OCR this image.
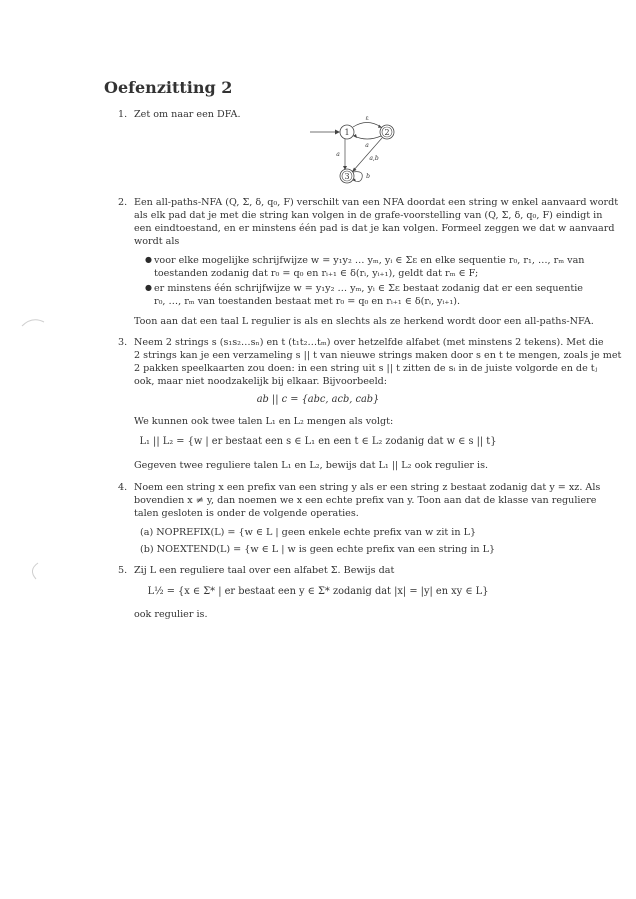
Oefenzitting 2
1. Zet om naar een DFA.
1	2
3
ε
a
a
a,b
b
2. Een all-paths-NFA (Q, Σ, δ, q₀, F) verschilt van een NFA doordat een string w enkel aanvaard wordt
als elk pad dat je met die string kan volgen in de grafe-voorstelling van (Q, Σ, δ, q₀, F) eindigt in
een eindtoestand, en er minstens één pad is dat je kan volgen. Formeel zeggen we dat w aanvaard
wordt als
● voor elke mogelijke schrijfwijze w = y₁y₂ … yₘ, yᵢ ∈ Σε en elke sequentie r₀, r₁, …, rₘ van
toestanden zodanig dat r₀ = q₀ en rᵢ₊₁ ∈ δ(rᵢ, yᵢ₊₁), geldt dat rₘ ∈ F;
● er minstens één schrijfwijze w = y₁y₂ … yₘ, yᵢ ∈ Σε bestaat zodanig dat er een sequentie
r₀, …, rₘ van toestanden bestaat met r₀ = q₀ en rᵢ₊₁ ∈ δ(rᵢ, yᵢ₊₁).
Toon aan dat een taal L regulier is als en slechts als ze herkend wordt door een all-paths-NFA.
3. Neem 2 strings s (s₁s₂…sₙ) en t (t₁t₂…tₘ) over hetzelfde alfabet (met minstens 2 tekens). Met die
2 strings kan je een verzameling s || t van nieuwe strings maken door s en t te mengen, zoals je met
2 pakken speelkaarten zou doen: in een string uit s || t zitten de sᵢ in de juiste volgorde en de tⱼ
ook, maar niet noodzakelijk bij elkaar. Bijvoorbeeld:
ab || c = {abc, acb, cab}
We kunnen ook twee talen L₁ en L₂ mengen als volgt:
L₁ || L₂ = {w | er bestaat een s ∈ L₁ en een t ∈ L₂ zodanig dat w ∈ s || t}
Gegeven twee reguliere talen L₁ en L₂, bewijs dat L₁ || L₂ ook regulier is.
4. Noem een string x een prefix van een string y als er een string z bestaat zodanig dat y = xz. Als
bovendien x ≠ y, dan noemen we x een echte prefix van y. Toon aan dat de klasse van reguliere
talen gesloten is onder de volgende operaties.
(a) NOPREFIX(L) = {w ∈ L | geen enkele echte prefix van w zit in L}
(b) NOEXTEND(L) = {w ∈ L | w is geen echte prefix van een string in L}
5. Zij L een reguliere taal over een alfabet Σ. Bewijs dat
L½ = {x ∈ Σ* | er bestaat een y ∈ Σ* zodanig dat |x| = |y| en xy ∈ L}
ook regulier is.
